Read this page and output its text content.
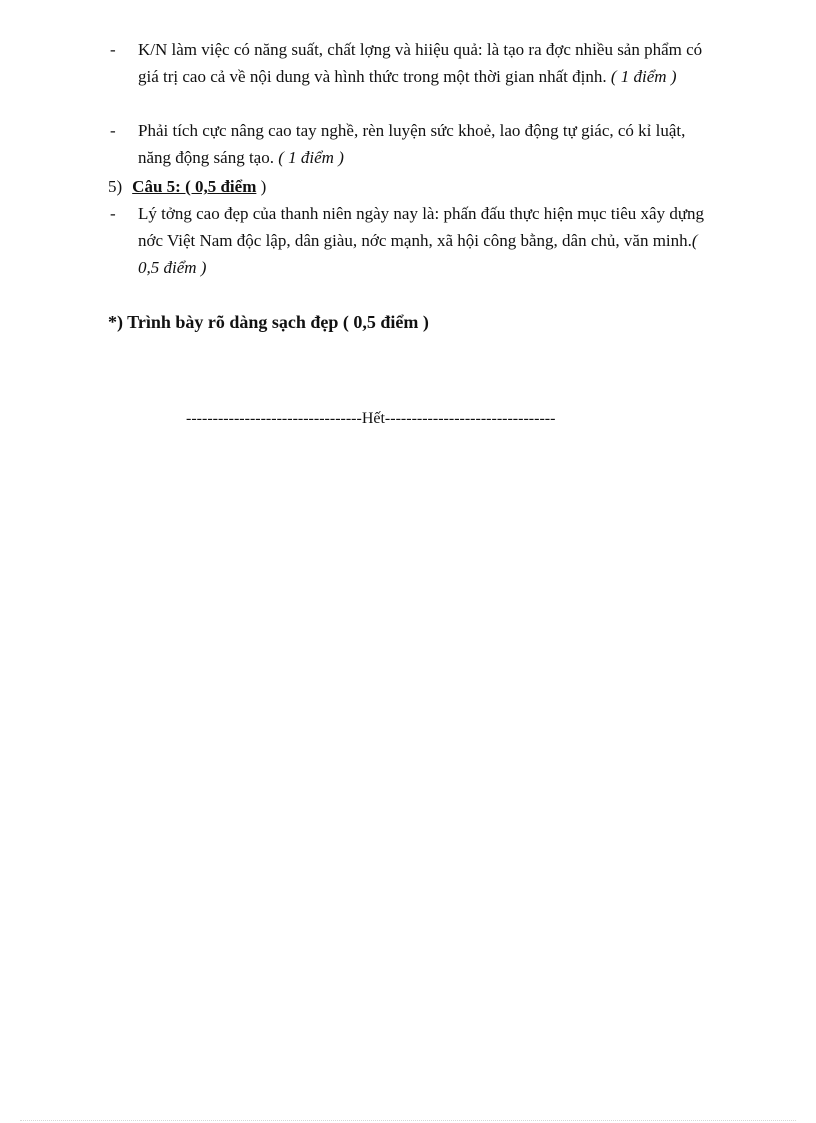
- K/N làm việc có năng suất, chất lợng và hiiệu quả: là tạo ra đợc nhiều sản phẩm có giá trị cao cả về nội dung và hình thức trong một thời gian nhất định. ( 1 điểm )
- Phải tích cực nâng cao tay nghề, rèn luyện sức khoẻ, lao động tự giác, có kỉ luật, năng động sáng tạo. ( 1 điểm )
5) Câu 5: ( 0,5 điểm )
- Lý tởng cao đẹp của thanh niên ngày nay là: phấn đấu thực hiện mục tiêu xây dựng nớc Việt Nam độc lập, dân giàu, nớc mạnh, xã hội công bằng, dân chủ, văn minh.( 0,5 điểm )
*) Trình bày rõ dàng sạch đẹp ( 0,5 điểm )
---------------------------------Hết--------------------------------
